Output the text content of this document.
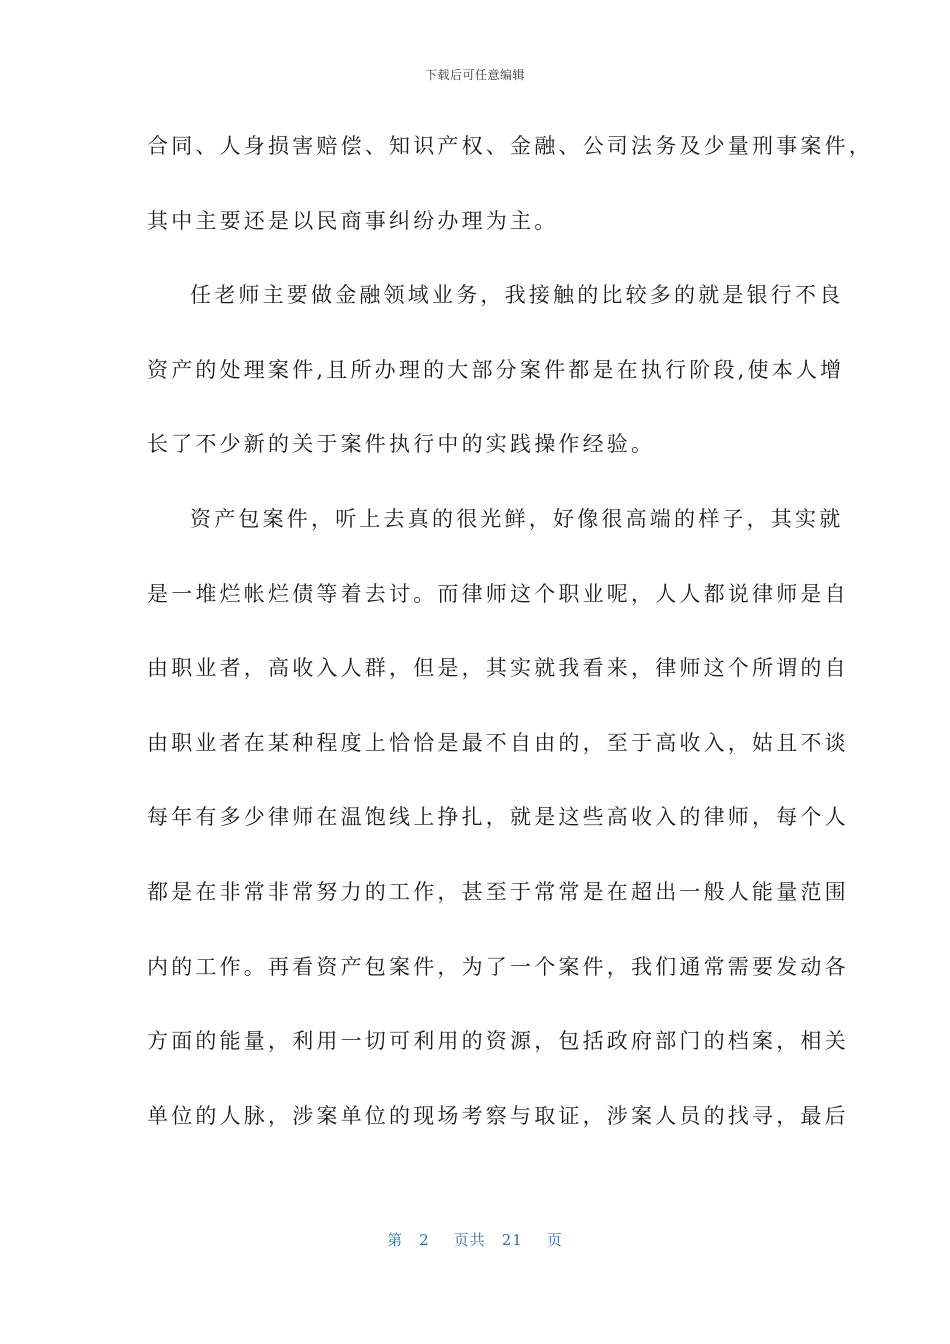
下载后可任意编辑
合同、人身损害赔偿、知识产权、金融、公司法务及少量刑事案件，
其中主要还是以民商事纠纷办理为主。
任老师主要做金融领域业务，我接触的比较多的就是银行不良
资产的处理案件,且所办理的大部分案件都是在执行阶段,使本人增
长了不少新的关于案件执行中的实践操作经验。
资产包案件，听上去真的很光鲜，好像很高端的样子，其实就
是一堆烂帐烂债等着去讨。而律师这个职业呢，人人都说律师是自
由职业者，高收入人群，但是，其实就我看来，律师这个所谓的自
由职业者在某种程度上恰恰是最不自由的，至于高收入，姑且不谈
每年有多少律师在温饱线上挣扎，就是这些高收入的律师，每个人
都是在非常非常努力的工作，甚至于常常是在超出一般人能量范围
内的工作。再看资产包案件，为了一个案件，我们通常需要发动各
方面的能量，利用一切可利用的资源，包括政府部门的档案，相关
单位的人脉，涉案单位的现场考察与取证，涉案人员的找寻，最后
第 2 页共 21 页
